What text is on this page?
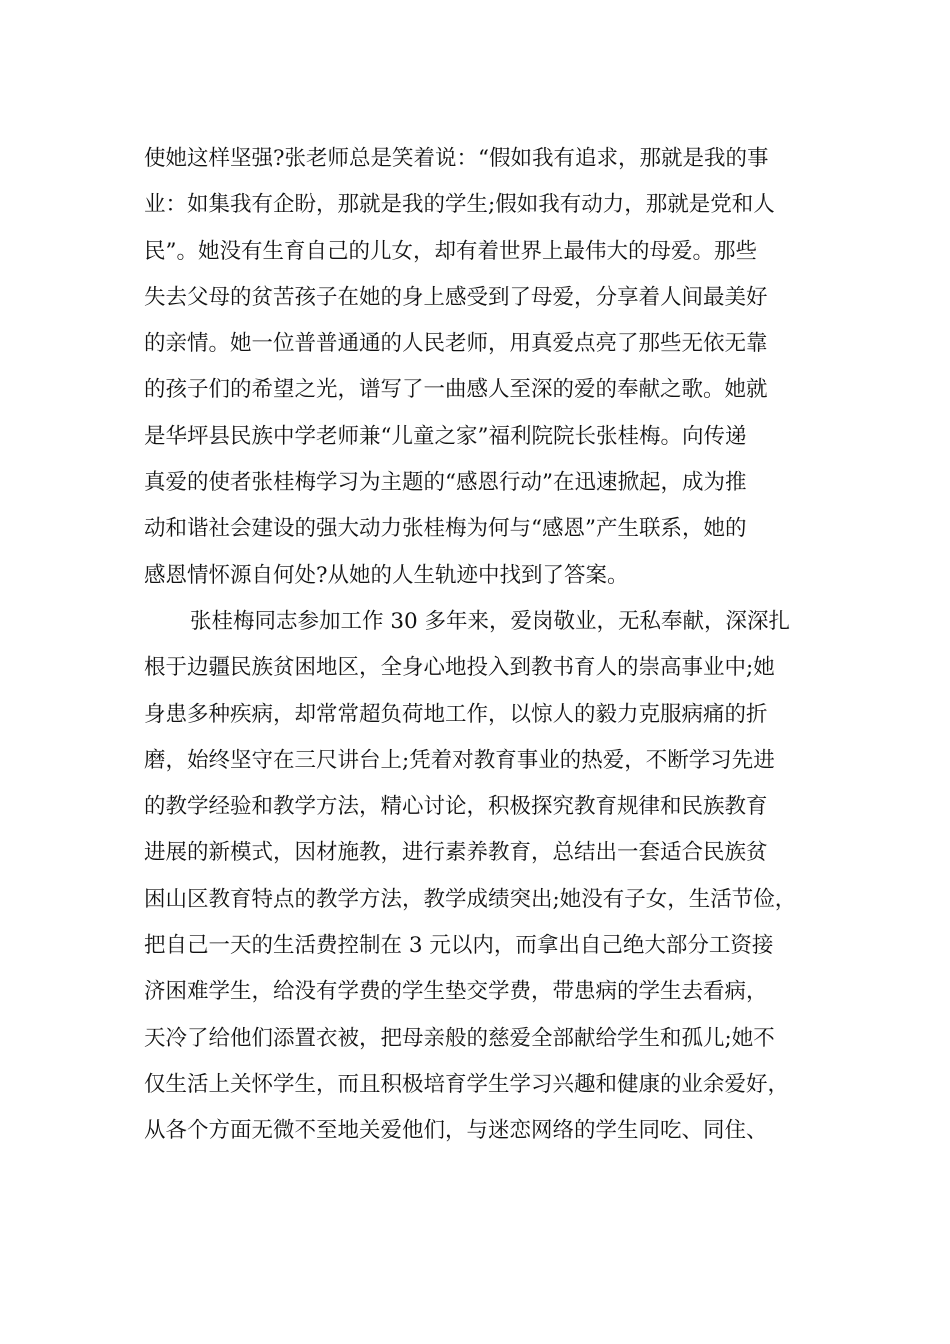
使她这样坚强?张老师总是笑着说：“假如我有追求，那就是我的事
业：如集我有企盼，那就是我的学生;假如我有动力，那就是党和人
民”。她没有生育自己的儿女，却有着世界上最伟大的母爱。那些
失去父母的贫苦孩子在她的身上感受到了母爱，分享着人间最美好
的亲情。她一位普普通通的人民老师，用真爱点亮了那些无依无靠
的孩子们的希望之光，谱写了一曲感人至深的爱的奉献之歌。她就
是华坪县民族中学老师兼“儿童之家”福利院院长张桂梅。向传递
真爱的使者张桂梅学习为主题的“感恩行动”在迅速掀起，成为推
动和谐社会建设的强大动力张桂梅为何与“感恩”产生联系，她的
感恩情怀源自何处?从她的人生轨迹中找到了答案。
张桂梅同志参加工作 30 多年来，爱岗敬业，无私奉献，深深扎
根于边疆民族贫困地区，全身心地投入到教书育人的崇高事业中;她
身患多种疾病，却常常超负荷地工作，以惊人的毅力克服病痛的折
磨，始终坚守在三尺讲台上;凭着对教育事业的热爱，不断学习先进
的教学经验和教学方法，精心讨论，积极探究教育规律和民族教育
进展的新模式，因材施教，进行素养教育，总结出一套适合民族贫
困山区教育特点的教学方法，教学成绩突出;她没有子女，生活节俭，
把自己一天的生活费控制在 3 元以内，而拿出自己绝大部分工资接
济困难学生，给没有学费的学生垫交学费，带患病的学生去看病，
天冷了给他们添置衣被，把母亲般的慈爱全部献给学生和孤儿;她不
仅生活上关怀学生，而且积极培育学生学习兴趣和健康的业余爱好，
从各个方面无微不至地关爱他们，与迷恋网络的学生同吃、同住、
